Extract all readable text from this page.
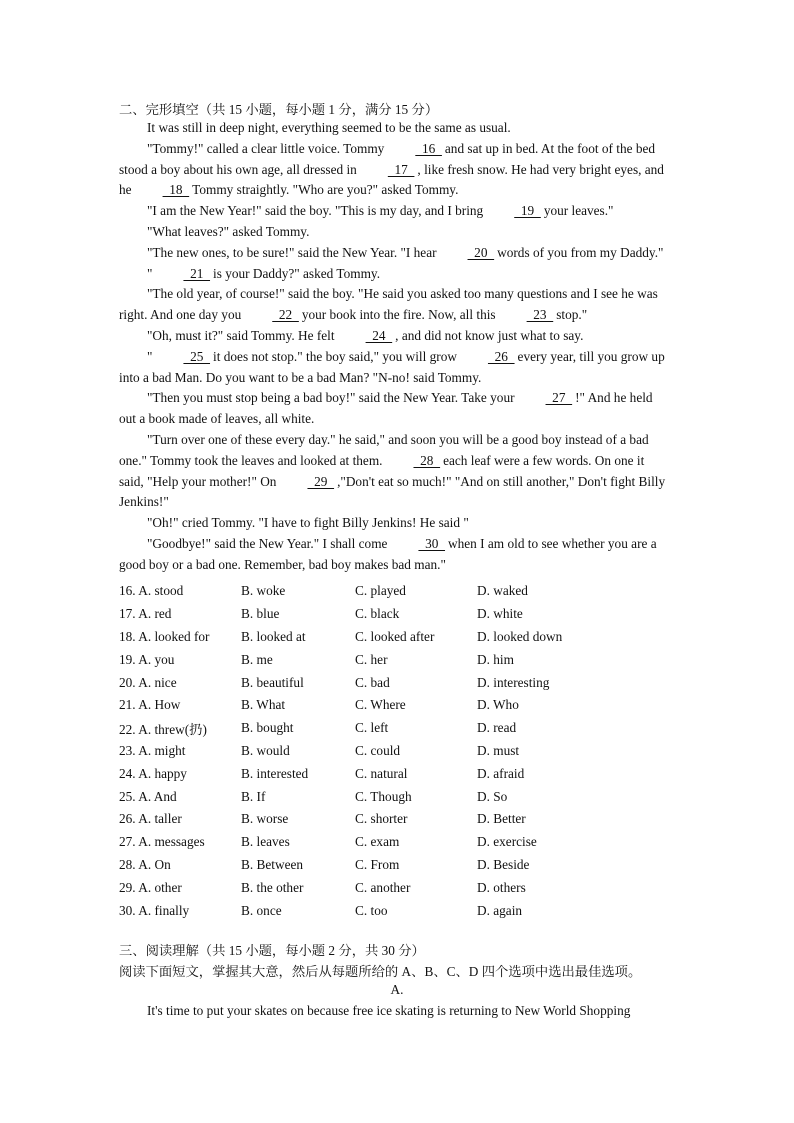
二、完形填空（共 15 小题，每小题 1 分，满分 15 分）

It was still in deep night, everything seemed to be the same as usual.

"Tommy!" called a clear little voice. Tommy  16  and sat up in bed. At the foot of the bed stood a boy about his own age, all dressed in  17  , like fresh snow. He had very bright eyes, and he  18  Tommy straightly. "Who are you?" asked Tommy.

"I am the New Year!" said the boy. "This is my day, and I bring  19  your leaves."

"What leaves?" asked Tommy.

"The new ones, to be sure!" said the New Year. "I hear  20  words of you from my Daddy."

"  21  is your Daddy?" asked Tommy.

"The old year, of course!" said the boy. "He said you asked too many questions and I see he was right. And one day you  22  your book into the fire. Now, all this  23  stop."

"Oh, must it?" said Tommy. He felt  24  , and did not know just what to say.

"  25  it does not stop." the boy said," you will grow  26  every year, till you grow up into a bad Man. Do you want to be a bad Man? "N-no! said Tommy.

"Then you must stop being a bad boy!" said the New Year. Take your  27  !" And he held out a book made of leaves, all white.

"Turn over one of these every day." he said," and soon you will be a good boy instead of a bad one." Tommy took the leaves and looked at them.  28  each leaf were a few words. On one it said, "Help your mother!" On  29  ,"Don't eat so much!" "And on still another," Don't fight Billy Jenkins!"

"Oh!" cried Tommy. "I have to fight Billy Jenkins! He said "

"Goodbye!" said the New Year." I shall come  30  when I am old to see whether you are a good boy or a bad one. Remember, bad boy makes bad man."

16. A. stood	B. woke	C. played	D. waked
17. A. red	B. blue	C. black	D. white
18. A. looked for	B. looked at	C. looked after	D. looked down
19. A. you	B. me	C. her	D. him
20. A. nice	B. beautiful	C. bad	D. interesting
21. A. How	B. What	C. Where	D. Who
22. A. threw(扔)	B. bought	C. left	D. read
23. A. might	B. would	C. could	D. must
24. A. happy	B. interested	C. natural	D. afraid
25. A. And	B. If	C. Though	D. So
26. A. taller	B. worse	C. shorter	D. Better
27. A. messages	B. leaves	C. exam	D. exercise
28. A. On	B. Between	C. From	D. Beside
29. A. other	B. the other	C. another	D. others
30. A. finally	B. once	C. too	D. again
三、阅读理解（共 15 小题，每小题 2 分，共 30 分）
阅读下面短文，掌握其大意，然后从每题所给的 A、B、C、D 四个选项中选出最佳选项。
A.
It's time to put your skates on because free ice skating is returning to New World Shopping
